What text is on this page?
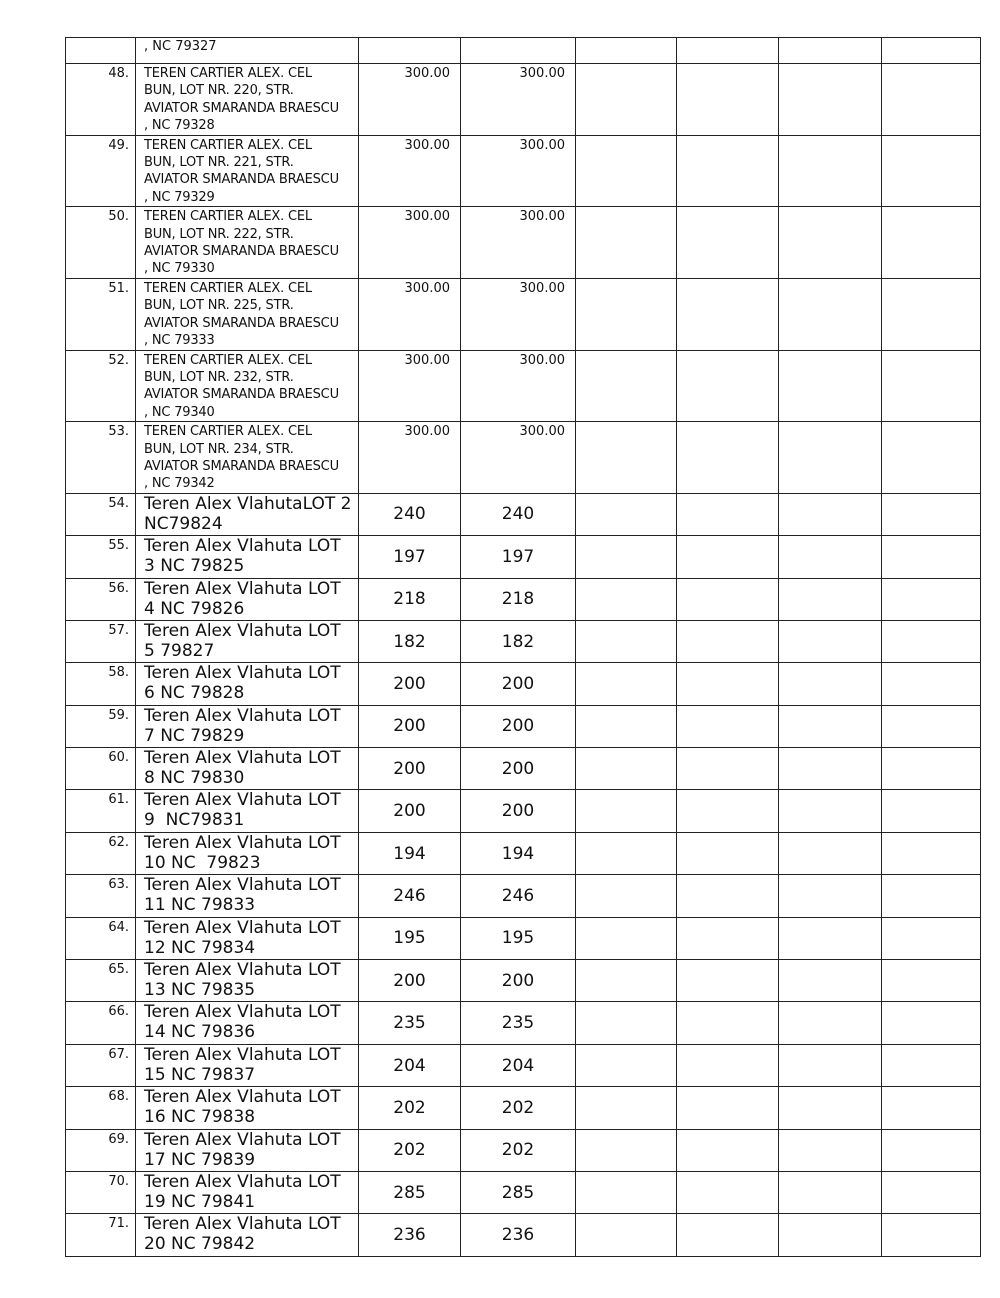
	, NC 79327						
48.	TEREN CARTIER ALEX. CEL
BUN, LOT NR. 220, STR.
AVIATOR SMARANDA BRAESCU
, NC 79328	300.00	300.00				
49.	TEREN CARTIER ALEX. CEL
BUN, LOT NR. 221, STR.
AVIATOR SMARANDA BRAESCU
, NC 79329	300.00	300.00				
50.	TEREN CARTIER ALEX. CEL
BUN, LOT NR. 222, STR.
AVIATOR SMARANDA BRAESCU
, NC 79330	300.00	300.00				
51.	TEREN CARTIER ALEX. CEL
BUN, LOT NR. 225, STR.
AVIATOR SMARANDA BRAESCU
, NC 79333	300.00	300.00				
52.	TEREN CARTIER ALEX. CEL
BUN, LOT NR. 232, STR.
AVIATOR SMARANDA BRAESCU
, NC 79340	300.00	300.00				
53.	TEREN CARTIER ALEX. CEL
BUN, LOT NR. 234, STR.
AVIATOR SMARANDA BRAESCU
, NC 79342	300.00	300.00				
54.	Teren Alex VlahutaLOT 2
NC79824	240	240				
55.	Teren Alex Vlahuta LOT
3 NC 79825	197	197				
56.	Teren Alex Vlahuta LOT
4 NC 79826	218	218				
57.	Teren Alex Vlahuta LOT
5 79827	182	182				
58.	Teren Alex Vlahuta LOT
6 NC 79828	200	200				
59.	Teren Alex Vlahuta LOT
7 NC 79829	200	200				
60.	Teren Alex Vlahuta LOT
8 NC 79830	200	200				
61.	Teren Alex Vlahuta LOT
9  NC79831	200	200				
62.	Teren Alex Vlahuta LOT
10 NC  79823	194	194				
63.	Teren Alex Vlahuta LOT
11 NC 79833	246	246				
64.	Teren Alex Vlahuta LOT
12 NC 79834	195	195				
65.	Teren Alex Vlahuta LOT
13 NC 79835	200	200				
66.	Teren Alex Vlahuta LOT
14 NC 79836	235	235				
67.	Teren Alex Vlahuta LOT
15 NC 79837	204	204				
68.	Teren Alex Vlahuta LOT
16 NC 79838	202	202				
69.	Teren Alex Vlahuta LOT
17 NC 79839	202	202				
70.	Teren Alex Vlahuta LOT
19 NC 79841	285	285				
71.	Teren Alex Vlahuta LOT
20 NC 79842	236	236				
